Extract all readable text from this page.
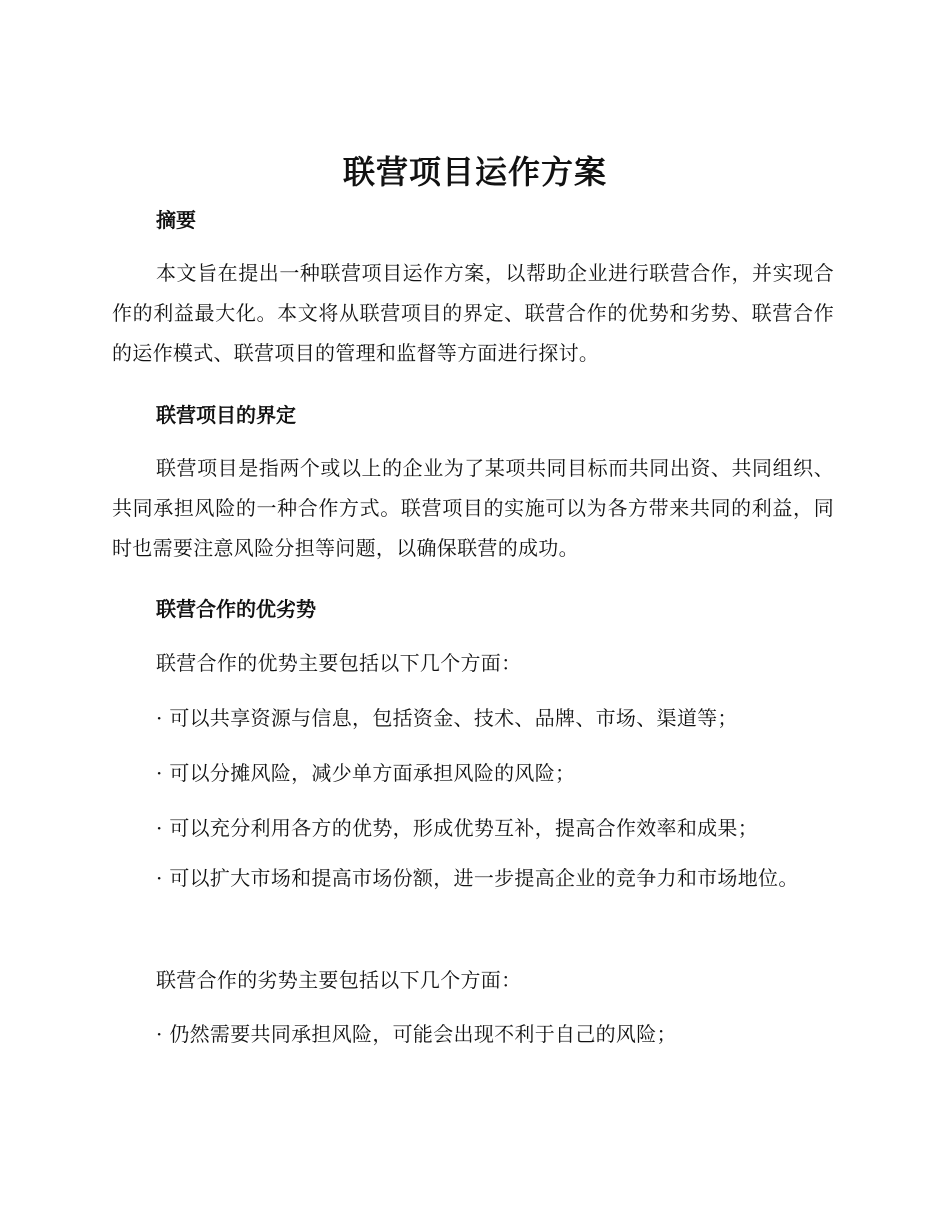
联营项目运作方案
摘要

本文旨在提出一种联营项目运作方案，以帮助企业进行联营合作，并实现合作的利益最大化。本文将从联营项目的界定、联营合作的优势和劣势、联营合作的运作模式、联营项目的管理和监督等方面进行探讨。

联营项目的界定

联营项目是指两个或以上的企业为了某项共同目标而共同出资、共同组织、共同承担风险的一种合作方式。联营项目的实施可以为各方带来共同的利益，同时也需要注意风险分担等问题，以确保联营的成功。

联营合作的优劣势
联营合作的优势主要包括以下几个方面：
· 可以共享资源与信息，包括资金、技术、品牌、市场、渠道等；
· 可以分摊风险，减少单方面承担风险的风险；
· 可以充分利用各方的优势，形成优势互补，提高合作效率和成果；

· 可以扩大市场和提高市场份额，进一步提高企业的竞争力和市场地位。

联营合作的劣势主要包括以下几个方面：
· 仍然需要共同承担风险，可能会出现不利于自己的风险；
